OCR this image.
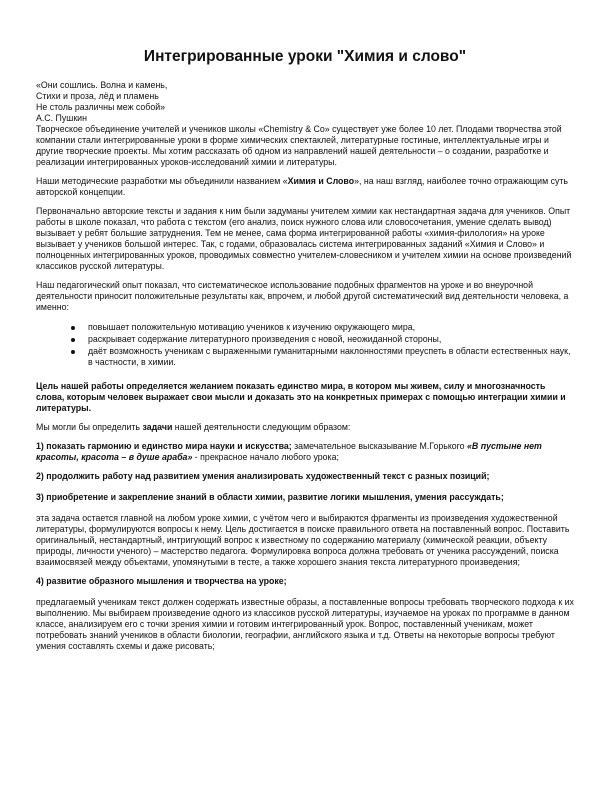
Интегрированные уроки "Химия и слово"
«Они сошлись. Волна и камень,
Стихи и проза, лёд и пламень
Не столь различны меж собой»
А.С. Пушкин

Творческое объединение учителей и учеников школы «Chemistry & Co» существует уже более 10 лет. Плодами творчества этой компании стали интегрированные уроки в форме химических спектаклей, литературные гостиные, интеллектуальные игры и другие творческие проекты. Мы хотим рассказать об одном из направлений нашей деятельности – о создании, разработке и реализации интегрированных уроков-исследований химии и литературы.

Наши методические разработки мы объединили названием «Химия и Слово», на наш взгляд, наиболее точно отражающим суть авторской концепции.

Первоначально авторские тексты и задания к ним были задуманы учителем химии как нестандартная задача для учеников. Опыт работы в школе показал, что работа с текстом (его анализ, поиск нужного слова или словосочетания, умение сделать вывод) вызывает у ребят большие затруднения. Тем не менее, сама форма интегрированной работы «химия-филология» на уроке вызывает у учеников большой интерес. Так, с годами, образовалась система интегрированных заданий «Химия и Слово» и полноценных интегрированных уроков, проводимых совместно учителем-словесником и учителем химии на основе произведений классиков русской литературы.

Наш педагогический опыт показал, что систематическое использование подобных фрагментов на уроке и во внеурочной деятельности приносит положительные результаты как, впрочем, и любой другой систематический вид деятельности человека, а именно:

повышает положительную мотивацию учеников к изучению окружающего мира,
раскрывает содержание литературного произведения с новой, неожиданной стороны,
даёт возможность ученикам с выраженными гуманитарными наклонностями преуспеть в области естественных наук, в частности, в химии.

Цель нашей работы определяется желанием показать единство мира, в котором мы живем, силу и многозначность слова, которым человек выражает свои мысли и доказать это на конкретных примерах с помощью интеграции химии и литературы.

Мы могли бы определить задачи нашей деятельности следующим образом:

1) показать гармонию и единство мира науки и искусства; замечательное высказывание М.Горького «В пустыне нет красоты, красота – в душе араба» - прекрасное начало любого урока;

2) продолжить работу над развитием умения анализировать художественный текст с разных позиций;

3) приобретение и закрепление знаний в области химии, развитие логики мышления, умения рассуждать;

эта задача остается главной на любом уроке химии, с учётом чего и выбираются фрагменты из произведения художественной литературы, формулируются вопросы к нему. Цель достигается в поиске правильного ответа на поставленный вопрос. Поставить оригинальный, нестандартный, интригующий вопрос к известному по содержанию материалу (химической реакции, объекту природы, личности ученого) – мастерство педагога. Формулировка вопроса должна требовать от ученика рассуждений, поиска взаимосвязей между объектами, упомянутыми в тесте, а также хорошего знания текста литературного произведения;

4) развитие образного мышления и творчества на уроке;

предлагаемый ученикам текст должен содержать известные образы, а поставленные вопросы требовать творческого подхода к их выполнению. Мы выбираем произведение одного из классиков русской литературы, изучаемое на уроках по программе в данном классе, анализируем его с точки зрения химии и готовим интегрированный урок. Вопрос, поставленный ученикам, может потребовать знаний учеников в области биологии, географии, английского языка и т.д. Ответы на некоторые вопросы требуют умения составлять схемы и даже рисовать;
